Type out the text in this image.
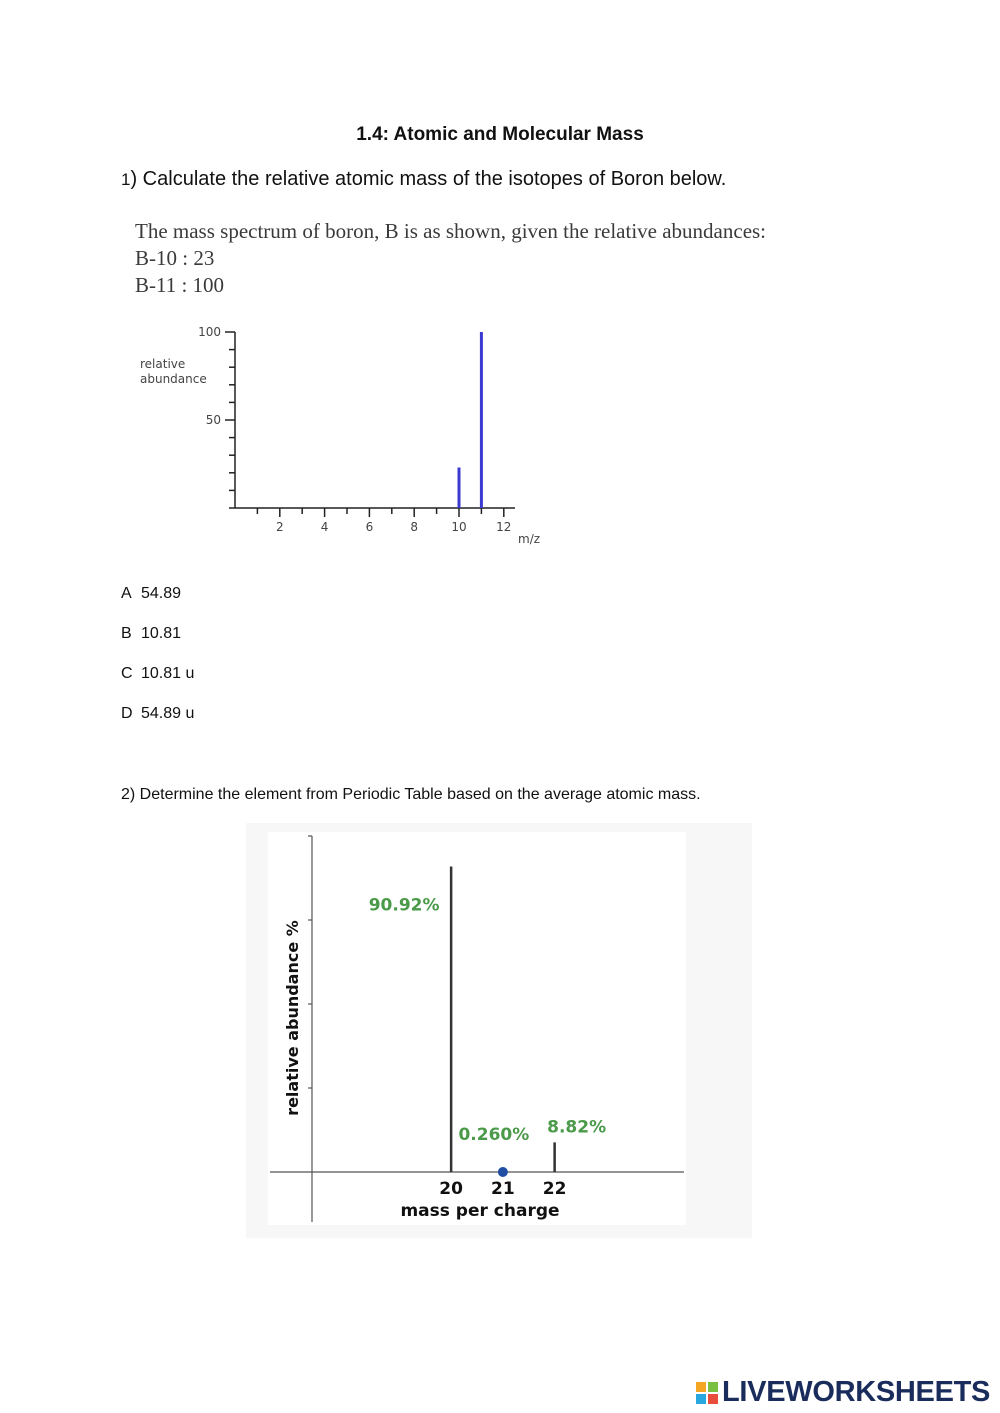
1.4: Atomic and Molecular Mass
1) Calculate the relative atomic mass of the isotopes of Boron below.
The mass spectrum of boron, B is as shown, given the relative abundances:
B-10 : 23
B-11 : 100
relative
abundance
50
100
2	4	6	8	10 12
m/z
A 54.89
B 10.81
C 10.81 u
D 54.89 u
2) Determine the element from Periodic Table based on the average atomic mass.
90.92%
0.260% 8.82%
20 21 22
mass per charge
relative abundance %
LIVEWORKSHEETS
